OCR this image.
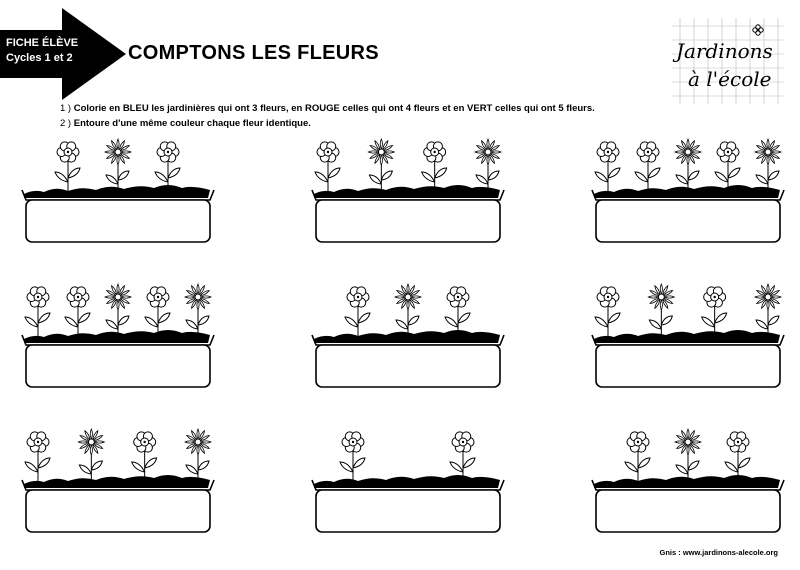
FICHE ÉLÈVE
Cycles 1 et 2	COMPTONS LES FLEURS	Jardinons
à l'école
1 ) Colorie en BLEU les jardinières qui ont 3 fleurs, en ROUGE celles qui ont 4 fleurs et en VERT celles qui ont 5 fleurs.
2 ) Entoure d'une même couleur chaque fleur identique.
Gnis : www.jardinons-alecole.org
